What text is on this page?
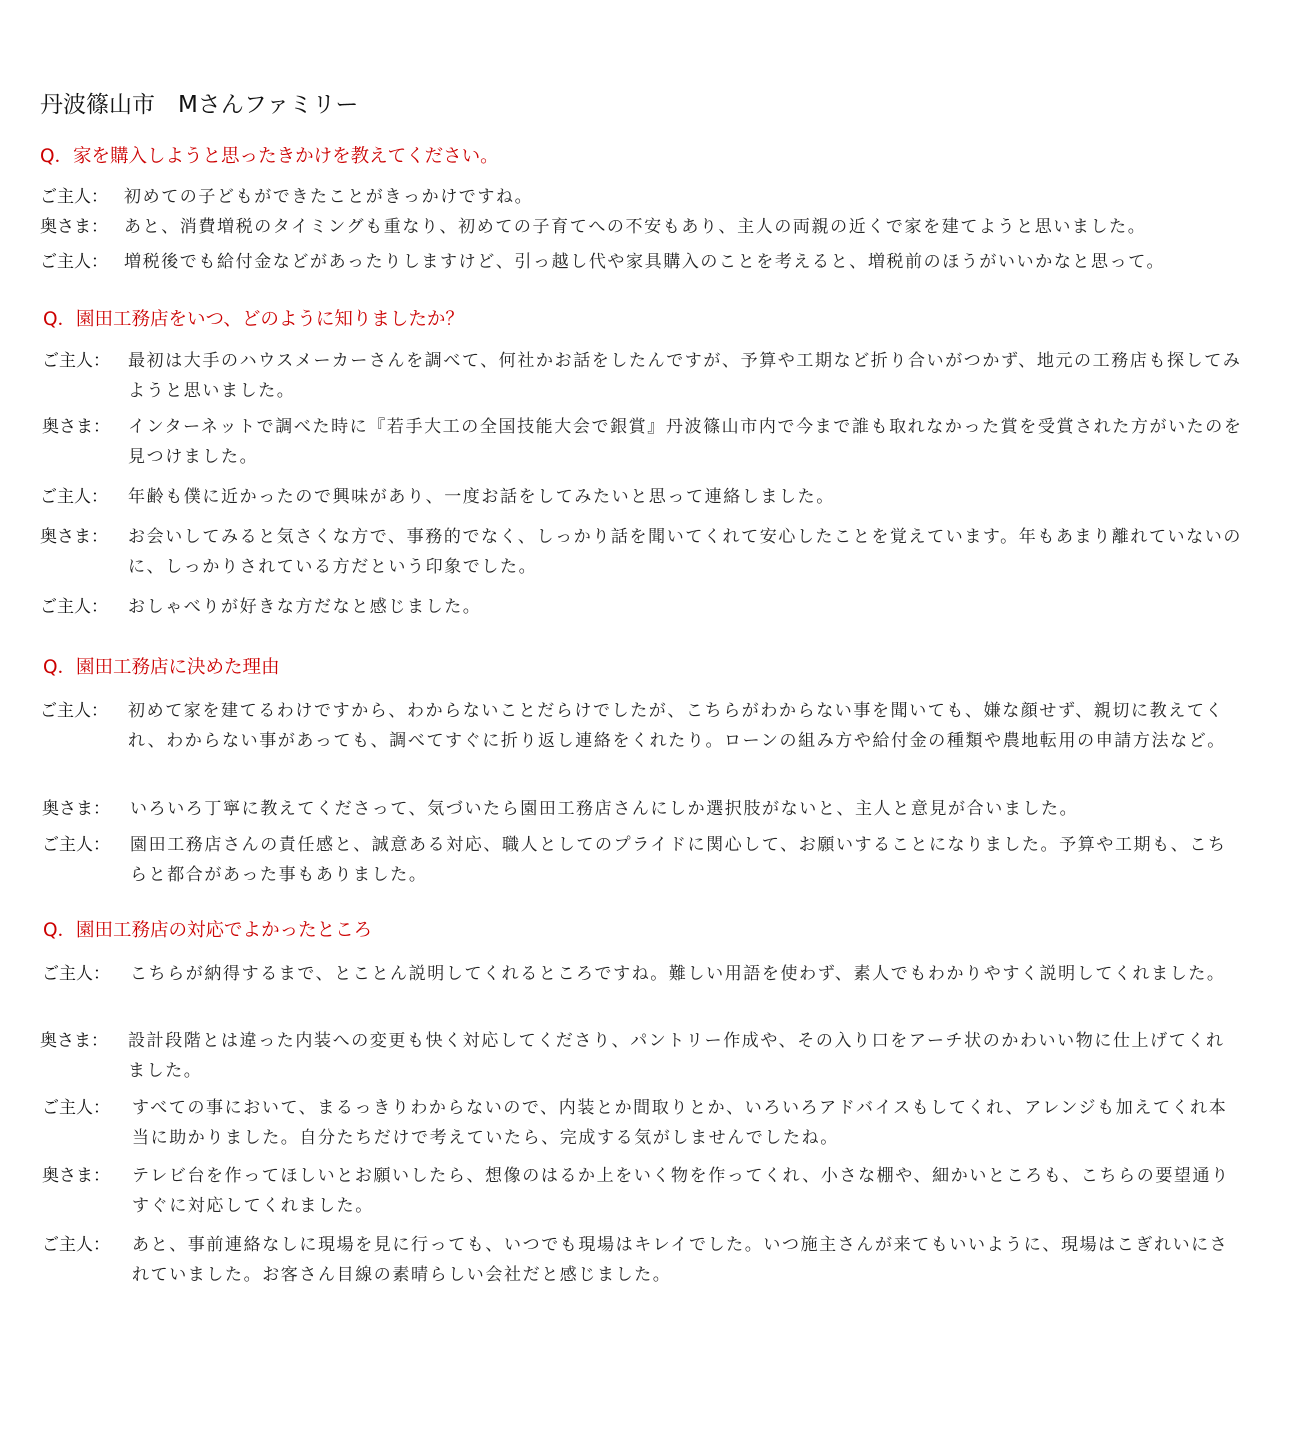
丹波篠山市　Mさんファミリー
Q．家を購入しようと思ったきかけを教えてください。
ご主人： 初めての子どもができたことがきっかけですね。
奥さま： あと、消費増税のタイミングも重なり、初めての子育てへの不安もあり、主人の両親の近くで家を建てようと思いました。
ご主人： 増税後でも給付金などがあったりしますけど、引っ越し代や家具購入のことを考えると、増税前のほうがいいかなと思って。
Q．園田工務店をいつ、どのように知りましたか？
ご主人：	最初は大手のハウスメーカーさんを調べて、何社かお話をしたんですが、予算や工期など折り合いがつかず、地元の工務店も探してみようと思いました。
奥さま：	インターネットで調べた時に『若手大工の全国技能大会で銀賞』丹波篠山市内で今まで誰も取れなかった賞を受賞された方がいたのを見つけました。
ご主人：	年齢も僕に近かったので興味があり、一度お話をしてみたいと思って連絡しました。
奥さま：	お会いしてみると気さくな方で、事務的でなく、しっかり話を聞いてくれて安心したことを覚えています。年もあまり離れていないのに、しっかりされている方だという印象でした。
ご主人：	おしゃべりが好きな方だなと感じました。
Q．園田工務店に決めた理由
ご主人：	初めて家を建てるわけですから、わからないことだらけでしたが、こちらがわからない事を聞いても、嫌な顔せず、親切に教えてくれ、わからない事があっても、調べてすぐに折り返し連絡をくれたり。ローンの組み方や給付金の種類や農地転用の申請方法など。
奥さま：	いろいろ丁寧に教えてくださって、気づいたら園田工務店さんにしか選択肢がないと、主人と意見が合いました。
ご主人：	園田工務店さんの責任感と、誠意ある対応、職人としてのプライドに関心して、お願いすることになりました。予算や工期も、こちらと都合があった事もありました。
Q．園田工務店の対応でよかったところ
ご主人：	こちらが納得するまで、とことん説明してくれるところですね。難しい用語を使わず、素人でもわかりやすく説明してくれました。
奥さま：	設計段階とは違った内装への変更も快く対応してくださり、パントリー作成や、その入り口をアーチ状のかわいい物に仕上げてくれました。
ご主人：	すべての事において、まるっきりわからないので、内装とか間取りとか、いろいろアドバイスもしてくれ、アレンジも加えてくれ本当に助かりました。自分たちだけで考えていたら、完成する気がしませんでしたね。
奥さま：	テレビ台を作ってほしいとお願いしたら、想像のはるか上をいく物を作ってくれ、小さな棚や、細かいところも、こちらの要望通りすぐに対応してくれました。
ご主人：	あと、事前連絡なしに現場を見に行っても、いつでも現場はキレイでした。いつ施主さんが来てもいいように、現場はこぎれいにされていました。お客さん目線の素晴らしい会社だと感じました。
